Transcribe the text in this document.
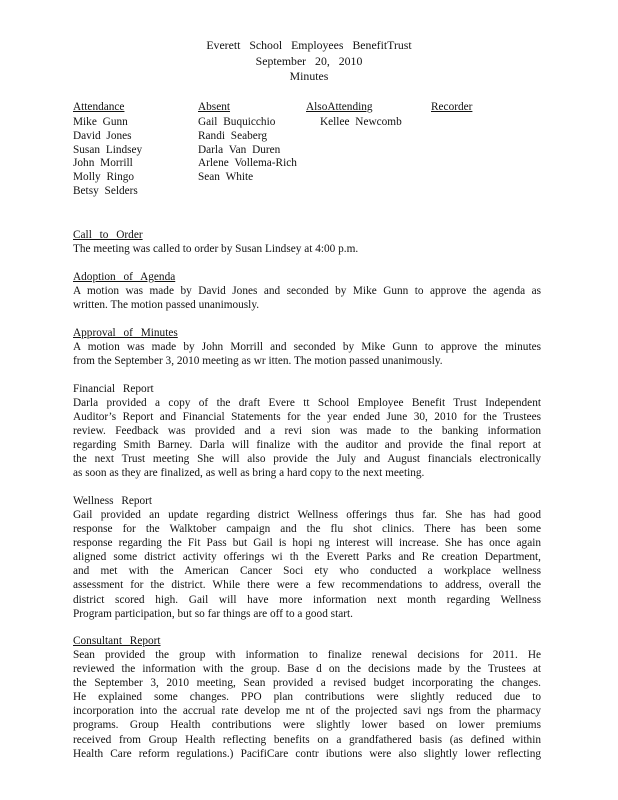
Everett School Employees BenefitTrust
September 20, 2010
Minutes
Attendance
Mike Gunn
David Jones
Susan Lindsey
John Morrill
Molly Ringo
Betsy Selders
Absent
Gail Buquicchio
Randi Seaberg
Darla Van Duren
Arlene Vollema-Rich
Sean White
AlsoAttending
Kellee Newcomb
Recorder
Call to Order
The meeting was called to order by Susan Lindsey at 4:00 p.m.
Adoption of Agenda
A motion was made by David Jones and seconded by Mike Gunn to approve the agenda as
written. The motion passed unanimously.
Approval of Minutes
A motion was made by John Morrill and seconded by Mike Gunn to approve the minutes
from the September 3, 2010 meeting as wr itten. The motion passed unanimously.
Financial Report
Darla provided a copy of the draft Evere tt School Employee Benefit Trust Independent
Auditor’s Report and Financial Statements for the year ended June 30, 2010 for the Trustees
review. Feedback was provided and a revi sion was made to the banking information
regarding Smith Barney. Darla will finalize with the auditor and provide the final report at
the next Trust meeting She will also provide the July and August financials electronically
as soon as they are finalized, as well as bring a hard copy to the next meeting.
Wellness Report
Gail provided an update regarding district Wellness offerings thus far. She has had good
response for the Walktober campaign and the flu shot clinics. There has been some
response regarding the Fit Pass but Gail is hopi ng interest will increase. She has once again
aligned some district activity offerings wi th the Everett Parks and Re creation Department,
and met with the American Cancer Soci ety who conducted a workplace wellness
assessment for the district. While there were a few recommendations to address, overall the
district scored high. Gail will have more information next month regarding Wellness
Program participation, but so far things are off to a good start.
Consultant Report
Sean provided the group with information to finalize renewal decisions for 2011. He
reviewed the information with the group. Base d on the decisions made by the Trustees at
the September 3, 2010 meeting, Sean provided a revised budget incorporating the changes.
He explained some changes. PPO plan contributions were slightly reduced due to
incorporation into the accrual rate develop me nt of the projected savi ngs from the pharmacy
programs. Group Health contributions were slightly lower based on lower premiums
received from Group Health reflecting benefits on a grandfathered basis (as defined within
Health Care reform regulations.) PacifiCare contr ibutions were also slightly lower reflecting
